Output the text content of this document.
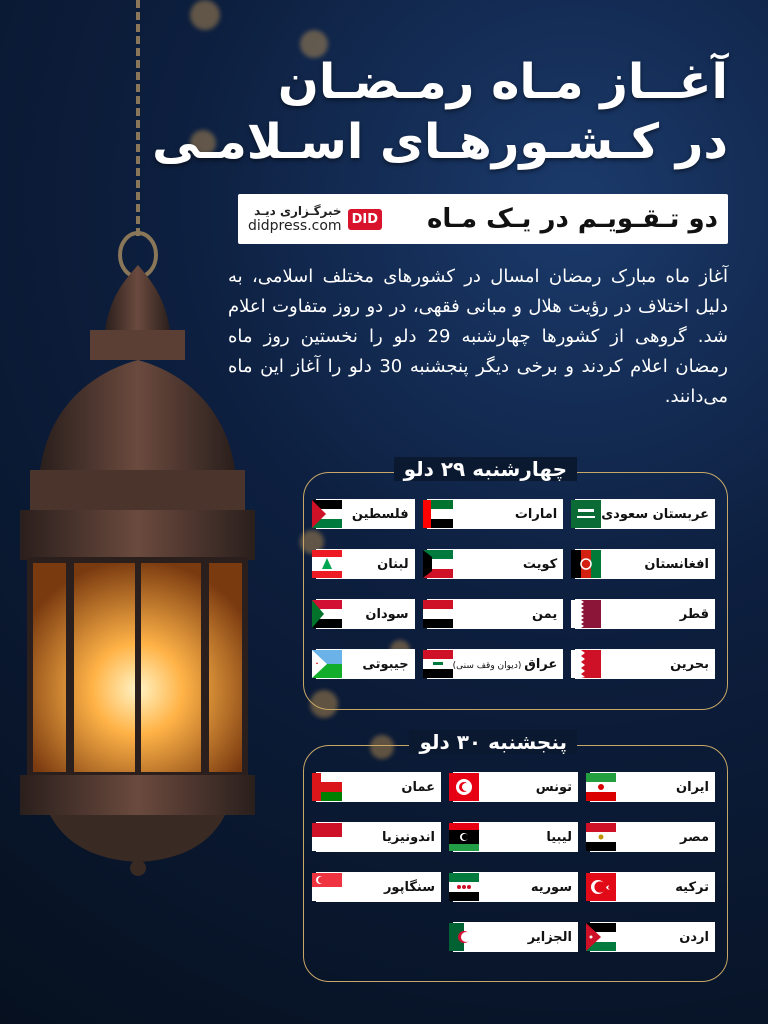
آغــاز مـاه رمـضـان
در کـشـورهـای اسـلامـی
دو تـقـویـم در یـک مـاه
خبرگـزاری دیـد
didpress.com DID
آغاز ماه مبارک رمضان امسال در کشورهای مختلف اسلامی، به دلیل اختلاف در رؤیت هلال و مبانی فقهی، در دو روز متفاوت اعلام شد. گروهی از کشورها چهارشنبه 29 دلو را نخستین روز ماه رمضان اعلام کردند و برخی دیگر پنجشنبه 30 دلو را آغاز این ماه می‌دانند.
چهارشنبه ۲۹ دلو
عربستان سعودی
امارات
فلسطین
افغانستان
کویت
لبنان
قطر
یمن
سودان
بحرین
عراق (دیوان وقف سنی)
جیبوتی
پنجشنبه ۳۰ دلو
ایران
تونس
عمان
مصر
لیبیا
اندونیزیا
ترکیه
سوریه
سنگاپور
اردن
الجزایر
